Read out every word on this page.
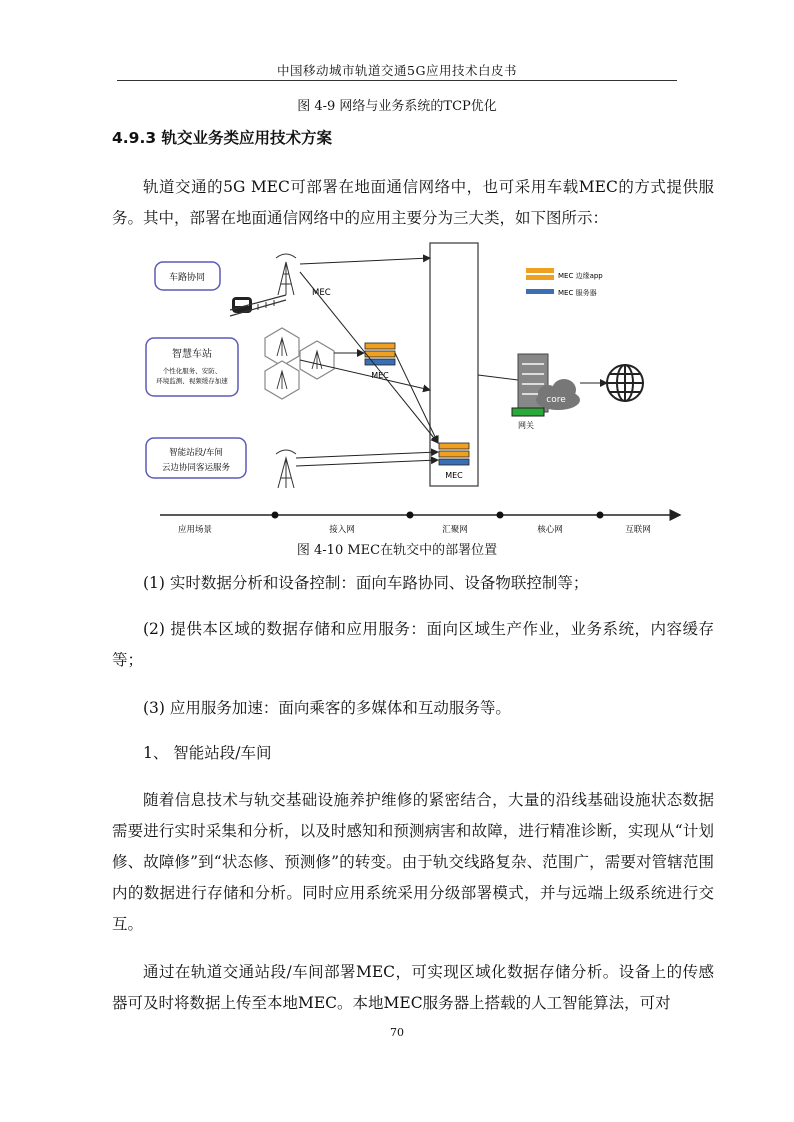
中国移动城市轨道交通5G应用技术白皮书
图 4-9 网络与业务系统的TCP优化
4.9.3 轨交业务类应用技术方案
轨道交通的5G MEC可部署在地面通信网络中，也可采用车载MEC的方式提供服务。其中，部署在地面通信网络中的应用主要分为三大类，如下图所示：
车路协同
智慧车站
个性化服务、安防、
环境监测、视频缓存加速
智能站段/车间
云边协同客运服务
MEC
MEC
MEC
MEC 边缘app
MEC 服务器
core
网关
应用场景	接入网	汇聚网	核心网	互联网
图 4-10 MEC在轨交中的部署位置
(1) 实时数据分析和设备控制：面向车路协同、设备物联控制等；
(2) 提供本区域的数据存储和应用服务：面向区域生产作业，业务系统，内容缓存等；
(3) 应用服务加速：面向乘客的多媒体和互动服务等。
1、 智能站段/车间
随着信息技术与轨交基础设施养护维修的紧密结合，大量的沿线基础设施状态数据需要进行实时采集和分析，以及时感知和预测病害和故障，进行精准诊断，实现从“计划修、故障修”到“状态修、预测修”的转变。由于轨交线路复杂、范围广，需要对管辖范围内的数据进行存储和分析。同时应用系统采用分级部署模式，并与远端上级系统进行交互。
通过在轨道交通站段/车间部署MEC，可实现区域化数据存储分析。设备上的传感器可及时将数据上传至本地MEC。本地MEC服务器上搭载的人工智能算法，可对
70
